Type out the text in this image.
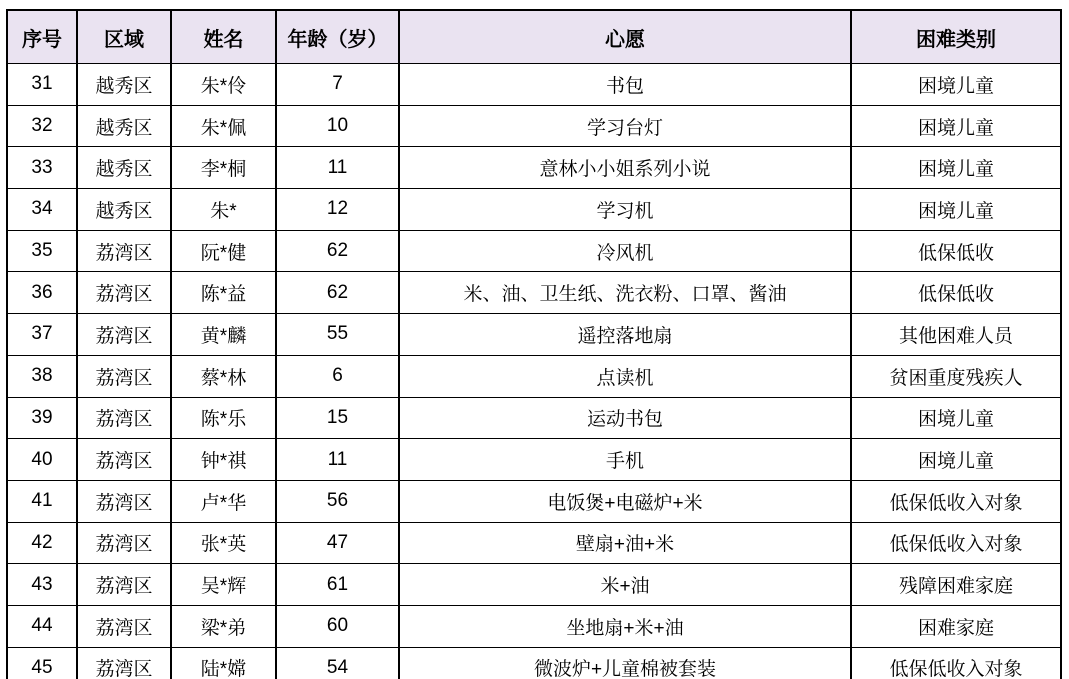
序号	区域	姓名	年龄（岁）	心愿	困难类别
31	越秀区	朱*伶	7	书包	困境儿童
32	越秀区	朱*佩	10	学习台灯	困境儿童
33	越秀区	李*桐	11	意林小小姐系列小说	困境儿童
34	越秀区	朱*	12	学习机	困境儿童
35	荔湾区	阮*健	62	冷风机	低保低收
36	荔湾区	陈*益	62	米、油、卫生纸、洗衣粉、口罩、酱油	低保低收
37	荔湾区	黄*麟	55	遥控落地扇	其他困难人员
38	荔湾区	蔡*林	6	点读机	贫困重度残疾人
39	荔湾区	陈*乐	15	运动书包	困境儿童
40	荔湾区	钟*祺	11	手机	困境儿童
41	荔湾区	卢*华	56	电饭煲+电磁炉+米	低保低收入对象
42	荔湾区	张*英	47	壁扇+油+米	低保低收入对象
43	荔湾区	吴*辉	61	米+油	残障困难家庭
44	荔湾区	梁*弟	60	坐地扇+米+油	困难家庭
45	荔湾区	陆*嫦	54	微波炉+儿童棉被套装	低保低收入对象
